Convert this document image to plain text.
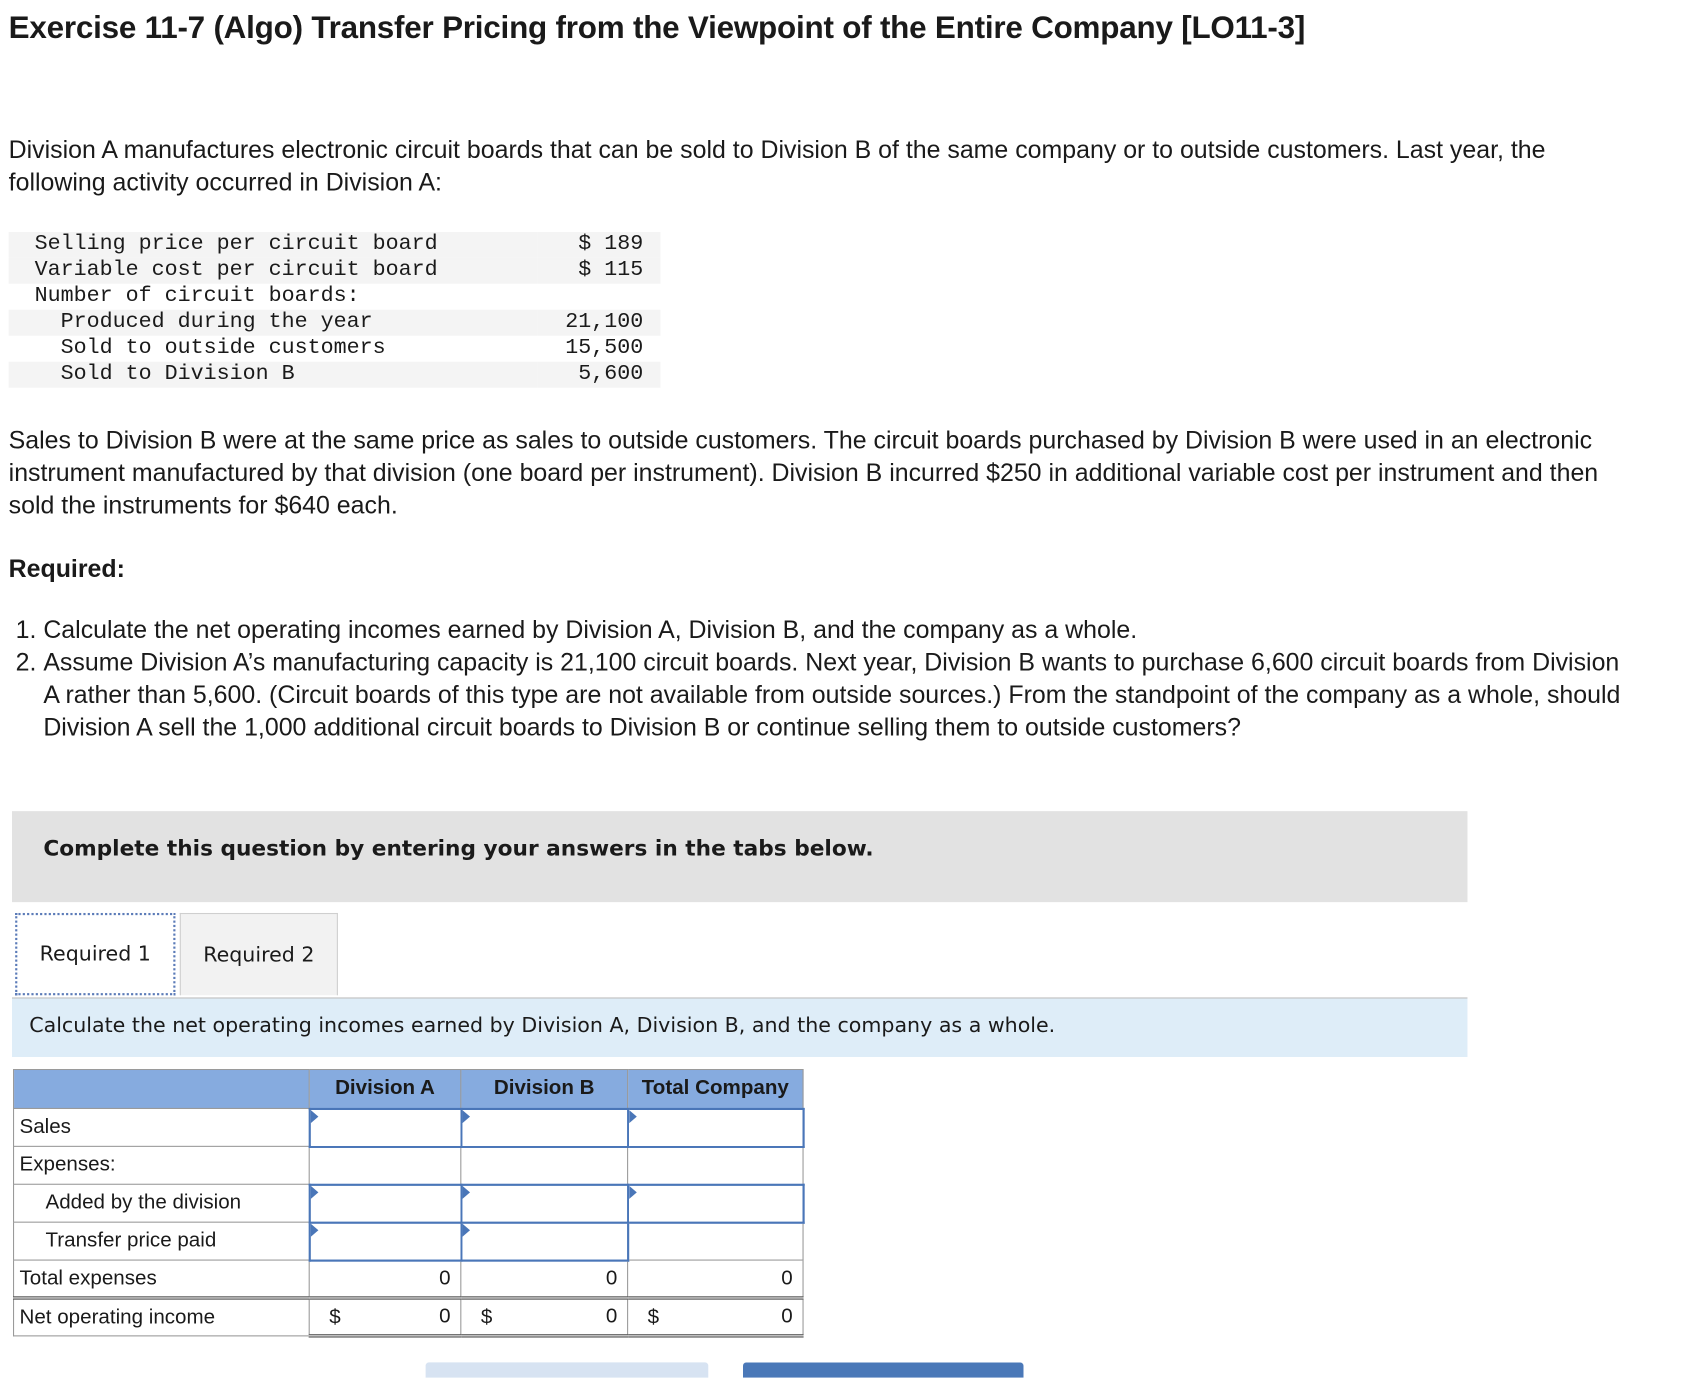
Exercise 11-7 (Algo) Transfer Pricing from the Viewpoint of the Entire Company [LO11-3]

Division A manufactures electronic circuit boards that can be sold to Division B of the same company or to outside customers. Last year, the following activity occurred in Division A:

Selling price per circuit board	$ 189
Variable cost per circuit board	$ 115
Number of circuit boards:	
Produced during the year	21,100
Sold to outside customers	15,500
Sold to Division B	5,600

Sales to Division B were at the same price as sales to outside customers. The circuit boards purchased by Division B were used in an electronic instrument manufactured by that division (one board per instrument). Division B incurred $250 in additional variable cost per instrument and then sold the instruments for $640 each.

Required:

1. Calculate the net operating incomes earned by Division A, Division B, and the company as a whole.
2. Assume Division A’s manufacturing capacity is 21,100 circuit boards. Next year, Division B wants to purchase 6,600 circuit boards from Division A rather than 5,600. (Circuit boards of this type are not available from outside sources.) From the standpoint of the company as a whole, should Division A sell the 1,000 additional circuit boards to Division B or continue selling them to outside customers?
Complete this question by entering your answers in the tabs below.
Required 1	Required 2
Calculate the net operating incomes earned by Division A, Division B, and the company as a whole.
	Division A	Division B	Total Company
Sales			
Expenses:			
Added by the division			
Transfer price paid			
Total expenses	0	0	0
Net operating income	$ 0	$ 0	$ 0
